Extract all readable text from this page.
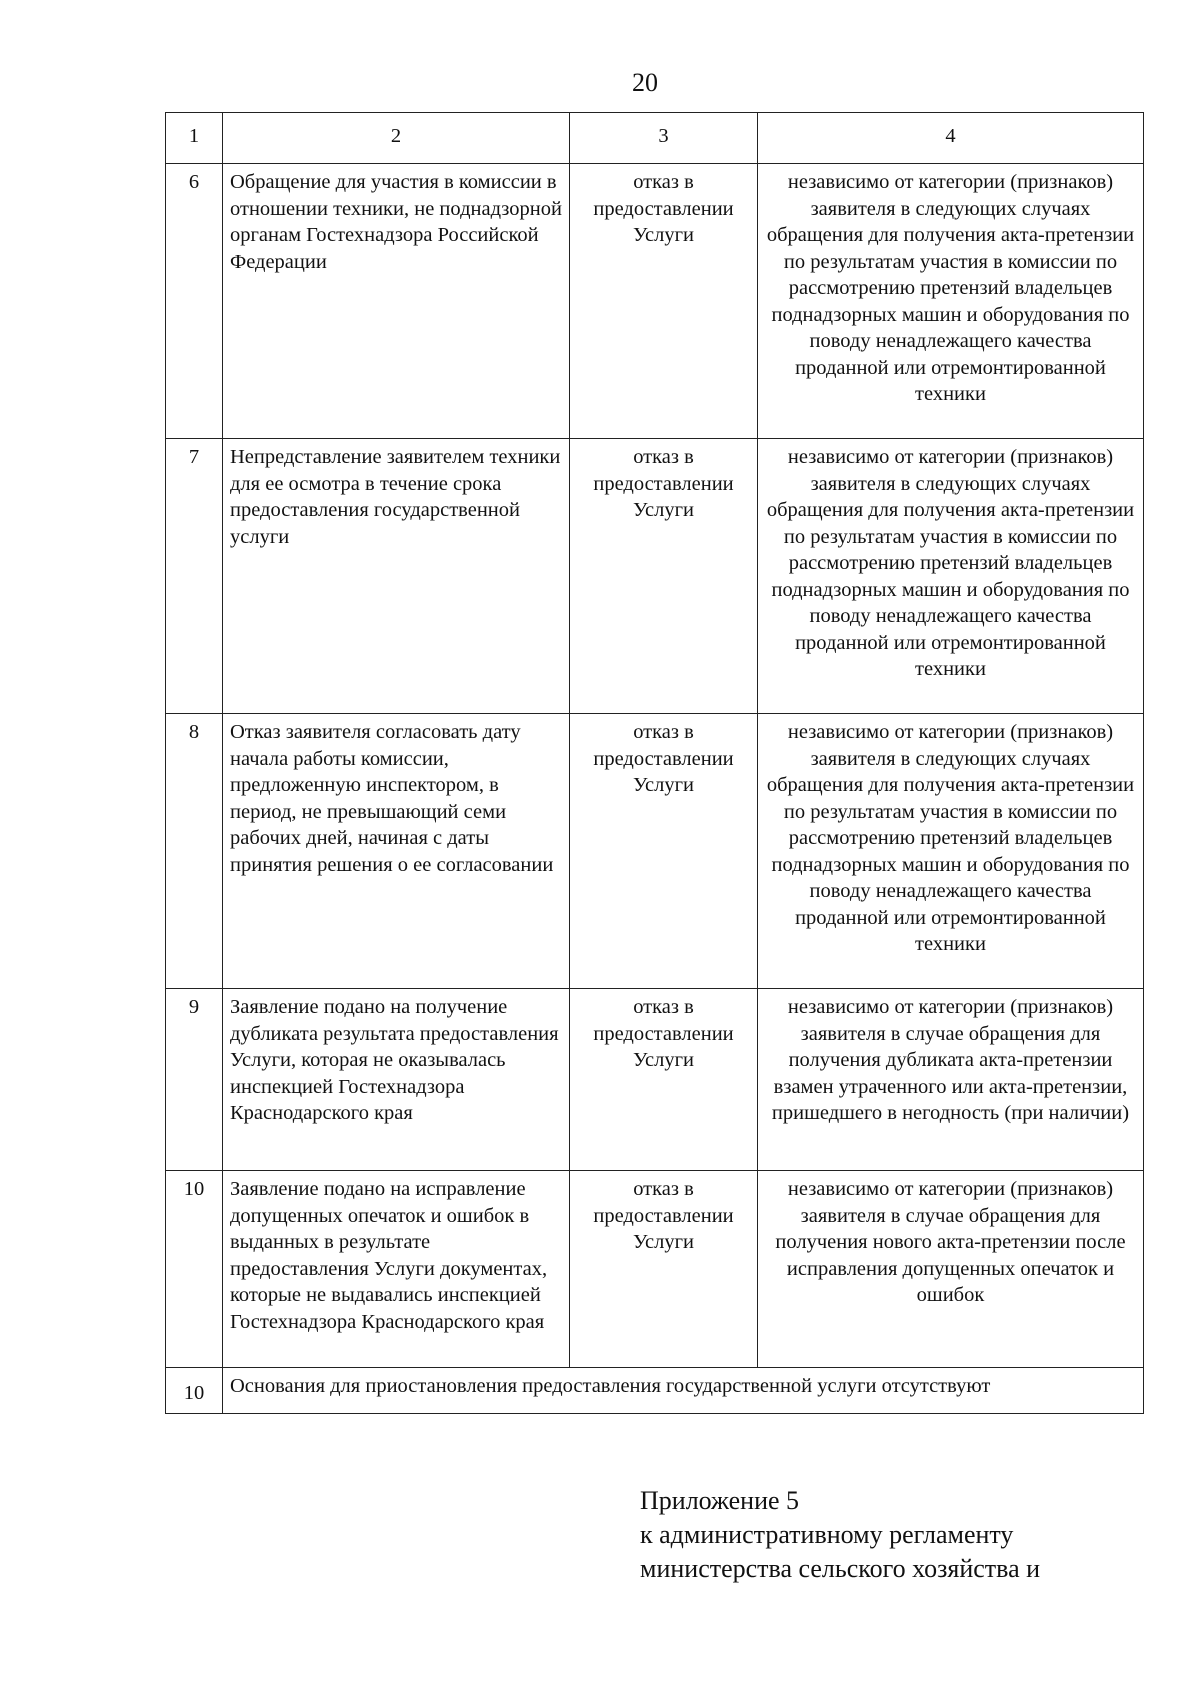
20
1	2	3	4
6	Обращение для участия в комиссии в отношении техники, не поднадзорной органам Гостехнадзора Российской Федерации	отказ в предоставлении Услуги	независимо от категории (признаков) заявителя в следующих случаях обращения для получения акта-претензии по результатам участия в комиссии по рассмотрению претензий владельцев поднадзорных машин и оборудования по поводу ненадлежащего качества проданной или отремонтированной техники
7	Непредставление заявителем техники для ее осмотра в течение срока предоставления государственной услуги	отказ в предоставлении Услуги	независимо от категории (признаков) заявителя в следующих случаях обращения для получения акта-претензии по результатам участия в комиссии по рассмотрению претензий владельцев поднадзорных машин и оборудования по поводу ненадлежащего качества проданной или отремонтированной техники
8	Отказ заявителя согласовать дату начала работы комиссии, предложенную инспектором, в период, не превышающий семи рабочих дней, начиная с даты принятия решения о ее согласовании	отказ в предоставлении Услуги	независимо от категории (признаков) заявителя в следующих случаях обращения для получения акта-претензии по результатам участия в комиссии по рассмотрению претензий владельцев поднадзорных машин и оборудования по поводу ненадлежащего качества проданной или отремонтированной техники
9	Заявление подано на получение дубликата результата предоставления Услуги, которая не оказывалась инспекцией Гостехнадзора Краснодарского края	отказ в предоставлении Услуги	независимо от категории (признаков) заявителя в случае обращения для получения дубликата акта-претензии взамен утраченного или акта-претензии, пришедшего в негодность (при наличии)
10	Заявление подано на исправление допущенных опечаток и ошибок в выданных в результате предоставления Услуги документах, которые не выдавались инспекцией Гостехнадзора Краснодарского края	отказ в предоставлении Услуги	независимо от категории (признаков) заявителя в случае обращения для получения нового акта-претензии после исправления допущенных опечаток и ошибок
10	Основания для приостановления предоставления государственной услуги отсутствуют		
Приложение 5
к административному регламенту
министерства сельского хозяйства и
